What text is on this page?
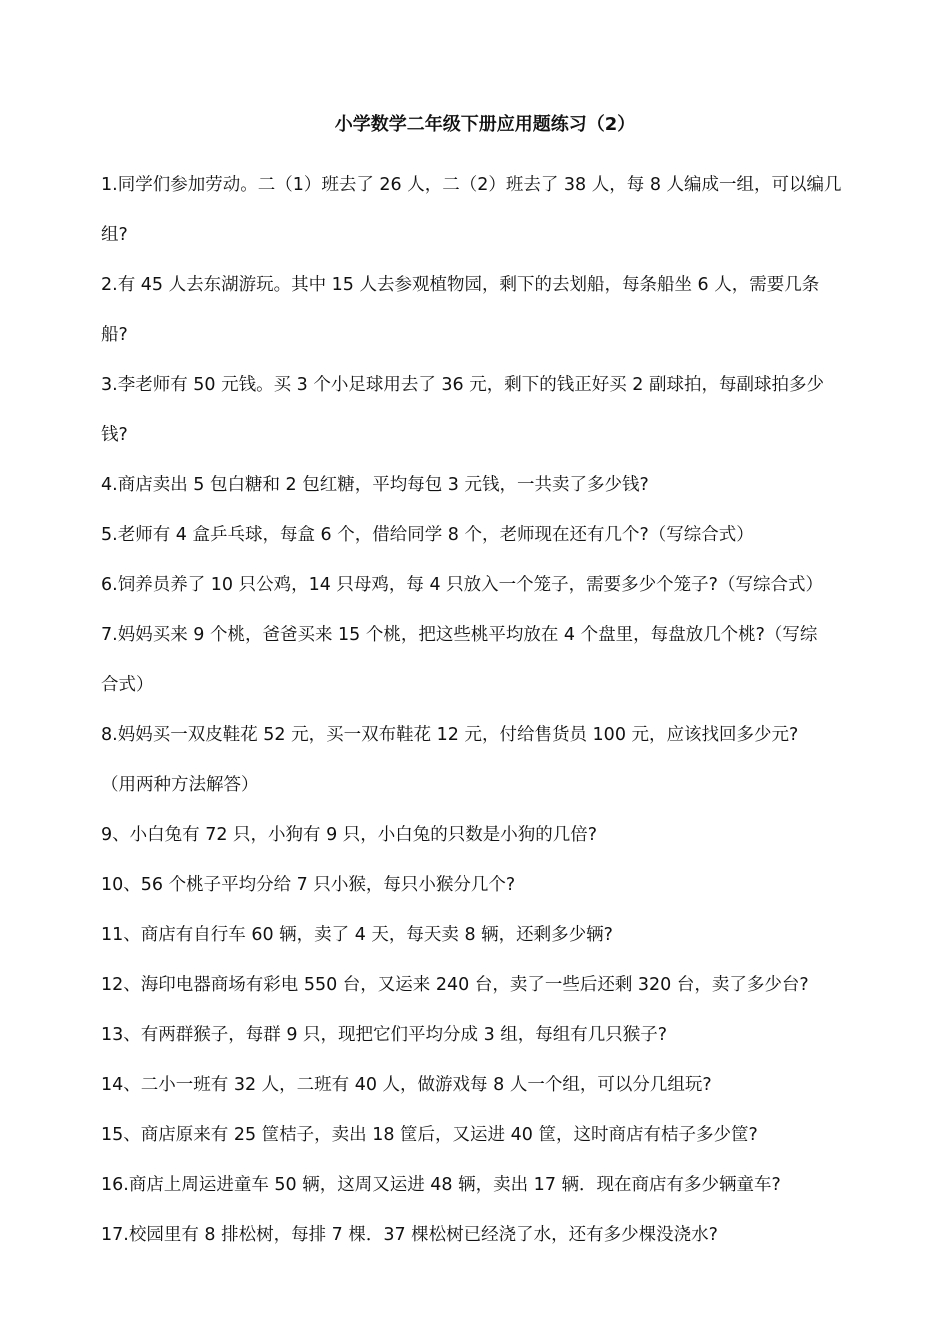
小学数学二年级下册应用题练习（2）
1.同学们参加劳动。二（1）班去了 26 人，二（2）班去了 38 人，每 8 人编成一组，可以编几
组?
2.有 45 人去东湖游玩。其中 15 人去参观植物园，剩下的去划船，每条船坐 6 人，需要几条
船?
3.李老师有 50 元钱。买 3 个小足球用去了 36 元，剩下的钱正好买 2 副球拍，每副球拍多少
钱?
4.商店卖出 5 包白糖和 2 包红糖，平均每包 3 元钱，一共卖了多少钱?
5.老师有 4 盒乒乓球，每盒 6 个，借给同学 8 个，老师现在还有几个?（写综合式）
6.饲养员养了 10 只公鸡，14 只母鸡，每 4 只放入一个笼子，需要多少个笼子?（写综合式）
7.妈妈买来 9 个桃，爸爸买来 15 个桃，把这些桃平均放在 4 个盘里，每盘放几个桃?（写综
合式）
8.妈妈买一双皮鞋花 52 元，买一双布鞋花 12 元，付给售货员 100 元，应该找回多少元?
（用两种方法解答）
9、小白兔有 72 只，小狗有 9 只，小白兔的只数是小狗的几倍?
10、56 个桃子平均分给 7 只小猴，每只小猴分几个?
11、商店有自行车 60 辆，卖了 4 天，每天卖 8 辆，还剩多少辆?
12、海印电器商场有彩电 550 台，又运来 240 台，卖了一些后还剩 320 台，卖了多少台?
13、有两群猴子，每群 9 只，现把它们平均分成 3 组，每组有几只猴子?
14、二小一班有 32 人，二班有 40 人，做游戏每 8 人一个组，可以分几组玩?
15、商店原来有 25 筐桔子，卖出 18 筐后，又运进 40 筐，这时商店有桔子多少筐?
16.商店上周运进童车 50 辆，这周又运进 48 辆，卖出 17 辆．现在商店有多少辆童车?
17.校园里有 8 排松树，每排 7 棵．37 棵松树已经浇了水，还有多少棵没浇水?
